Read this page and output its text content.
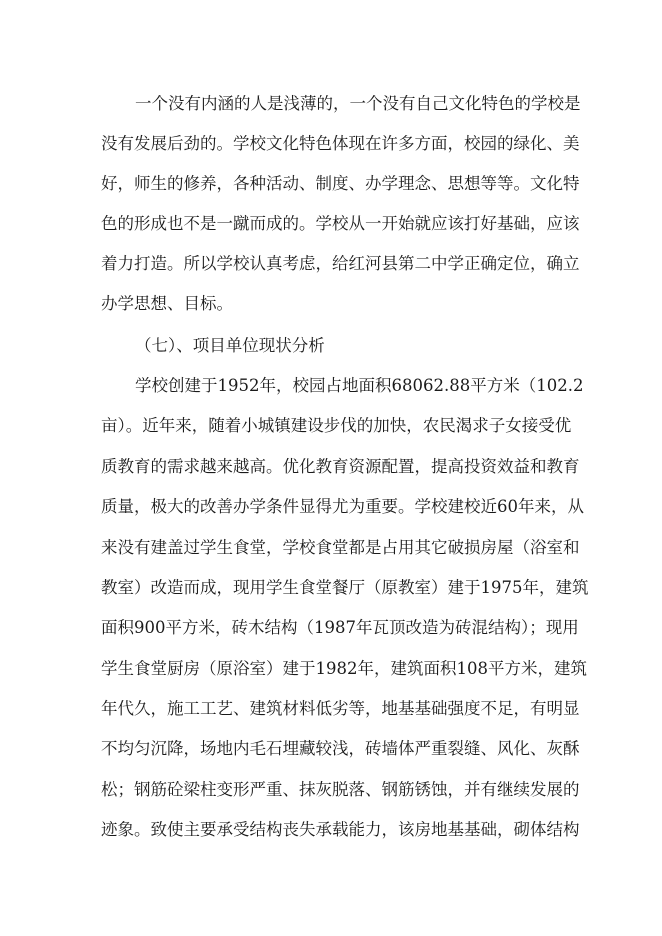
一个没有内涵的人是浅薄的，一个没有自己文化特色的学校是
没有发展后劲的。学校文化特色体现在许多方面，校园的绿化、美
好，师生的修养，各种活动、制度、办学理念、思想等等。文化特
色的形成也不是一蹴而成的。学校从一开始就应该打好基础，应该
着力打造。所以学校认真考虑，给红河县第二中学正确定位，确立
办学思想、目标。
（七）、项目单位现状分析
学校创建于1952年，校园占地面积68062.88平方米（102.2
亩）。近年来，随着小城镇建设步伐的加快，农民渴求子女接受优
质教育的需求越来越高。优化教育资源配置，提高投资效益和教育
质量，极大的改善办学条件显得尤为重要。学校建校近60年来，从
来没有建盖过学生食堂，学校食堂都是占用其它破损房屋（浴室和
教室）改造而成，现用学生食堂餐厅（原教室）建于1975年，建筑
面积900平方米，砖木结构（1987年瓦顶改造为砖混结构）；现用
学生食堂厨房（原浴室）建于1982年，建筑面积108平方米，建筑
年代久，施工工艺、建筑材料低劣等，地基基础强度不足，有明显
不均匀沉降，场地内毛石埋藏较浅，砖墙体严重裂缝、风化、灰酥
松；钢筋砼梁柱变形严重、抹灰脱落、钢筋锈蚀，并有继续发展的
迹象。致使主要承受结构丧失承载能力，该房地基基础，砌体结构
